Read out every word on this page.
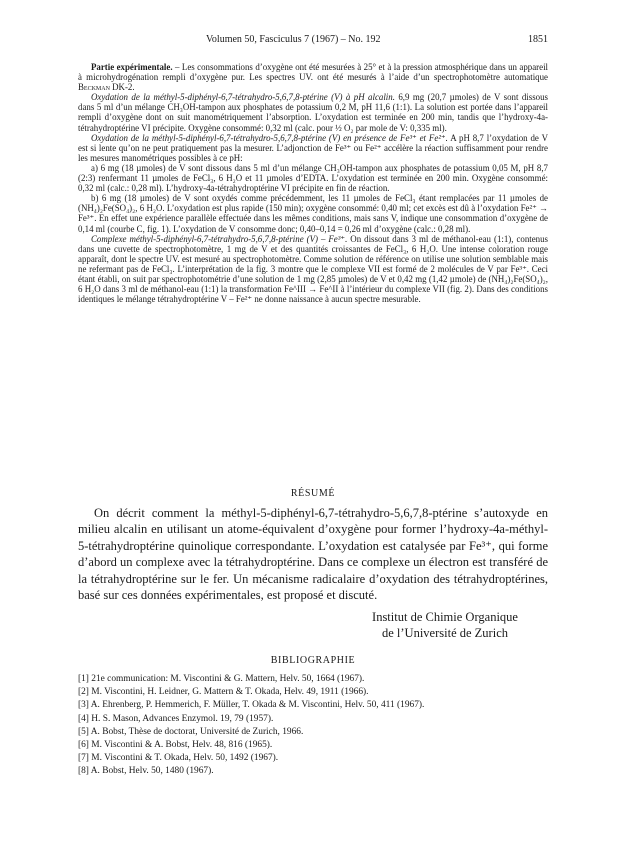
Volumen 50, Fasciculus 7 (1967) – No. 192	1851

Partie expérimentale. – Les consommations d’oxygène ont été mesurées à 25° et à la pression atmosphérique dans un appareil à microhydrogénation rempli d’oxygène pur. Les spectres UV. ont été mesurés à l’aide d’un spectrophotomètre automatique Beckman DK-2.

Oxydation de la méthyl-5-diphényl-6,7-tétrahydro-5,6,7,8-ptérine (V) à pH alcalin. 6,9 mg (20,7 µmoles) de V sont dissous dans 5 ml d’un mélange CH₃OH-tampon aux phosphates de potassium 0,2 M, pH 11,6 (1:1). La solution est portée dans l’appareil rempli d’oxygène dont on suit manométriquement l’absorption. L’oxydation est terminée en 200 min, tandis que l’hydroxy-4a-tétrahydroptérine VI précipite. Oxygène consommé: 0,32 ml (calc. pour ½ O₂ par mole de V: 0,335 ml).

Oxydation de la méthyl-5-diphényl-6,7-tétrahydro-5,6,7,8-ptérine (V) en présence de Fe³⁺ et Fe²⁺. A pH 8,7 l’oxydation de V est si lente qu’on ne peut pratiquement pas la mesurer. L’adjonction de Fe³⁺ ou Fe²⁺ accélère la réaction suffisamment pour rendre les mesures manométriques possibles à ce pH:

a) 6 mg (18 µmoles) de V sont dissous dans 5 ml d’un mélange CH₃OH-tampon aux phosphates de potassium 0,05 M, pH 8,7 (2:3) renfermant 11 µmoles de FeCl₃, 6 H₂O et 11 µmoles d’EDTA. L’oxydation est terminée en 200 min. Oxygène consommé: 0,32 ml (calc.: 0,28 ml). L’hydroxy-4a-tétrahydroptérine VI précipite en fin de réaction.

b) 6 mg (18 µmoles) de V sont oxydés comme précédemment, les 11 µmoles de FeCl₃ étant remplacées par 11 µmoles de (NH₄)₂Fe(SO₄)₂, 6 H₂O. L’oxydation est plus rapide (150 min); oxygène consommé: 0,40 ml; cet excès est dû à l’oxydation Fe²⁺ → Fe³⁺. En effet une expérience parallèle effectuée dans les mêmes conditions, mais sans V, indique une consommation d’oxygène de 0,14 ml (courbe C, fig. 1). L’oxydation de V consomme donc; 0,40–0,14 = 0,26 ml d’oxygène (calc.: 0,28 ml).

Complexe méthyl-5-diphényl-6,7-tétrahydro-5,6,7,8-ptérine (V) – Fe³⁺. On dissout dans 3 ml de méthanol-eau (1:1), contenus dans une cuvette de spectrophotomètre, 1 mg de V et des quantités croissantes de FeCl₃, 6 H₂O. Une intense coloration rouge apparaît, dont le spectre UV. est mesuré au spectrophotomètre. Comme solution de référence on utilise une solution semblable mais ne refermant pas de FeCl₃. L’interprétation de la fig. 3 montre que le complexe VII est formé de 2 molécules de V par Fe³⁺. Ceci étant établi, on suit par spectrophotométrie d’une solution de 1 mg (2,85 µmoles) de V et 0,42 mg (1,42 µmole) de (NH₄)₂Fe(SO₄)₂, 6 H₂O dans 3 ml de méthanol-eau (1:1) la transformation Fe^III → Fe^II à l’intérieur du complexe VII (fig. 2). Dans des conditions identiques le mélange tétrahydroptérine V – Fe²⁺ ne donne naissance à aucun spectre mesurable.

RÉSUMÉ

On décrit comment la méthyl-5-diphényl-6,7-tétrahydro-5,6,7,8-ptérine s’autoxyde en milieu alcalin en utilisant un atome-équivalent d’oxygène pour former l’hydroxy-4a-méthyl-5-tétrahydroptérine quinolique correspondante. L’oxydation est catalysée par Fe³⁺, qui forme d’abord un complexe avec la tétrahydroptérine. Dans ce complexe un électron est transféré de la tétrahydroptérine sur le fer. Un mécanisme radicalaire d’oxydation des tétrahydroptérines, basé sur ces données expérimentales, est proposé et discuté.

Institut de Chimie Organique
de l’Université de Zurich
BIBLIOGRAPHIE
[1] 21e communication: M. Viscontini & G. Mattern, Helv. 50, 1664 (1967).
[2] M. Viscontini, H. Leidner, G. Mattern & T. Okada, Helv. 49, 1911 (1966).
[3] A. Ehrenberg, P. Hemmerich, F. Müller, T. Okada & M. Viscontini, Helv. 50, 411 (1967).
[4] H. S. Mason, Advances Enzymol. 19, 79 (1957).
[5] A. Bobst, Thèse de doctorat, Université de Zurich, 1966.
[6] M. Viscontini & A. Bobst, Helv. 48, 816 (1965).
[7] M. Viscontini & T. Okada, Helv. 50, 1492 (1967).
[8] A. Bobst, Helv. 50, 1480 (1967).
